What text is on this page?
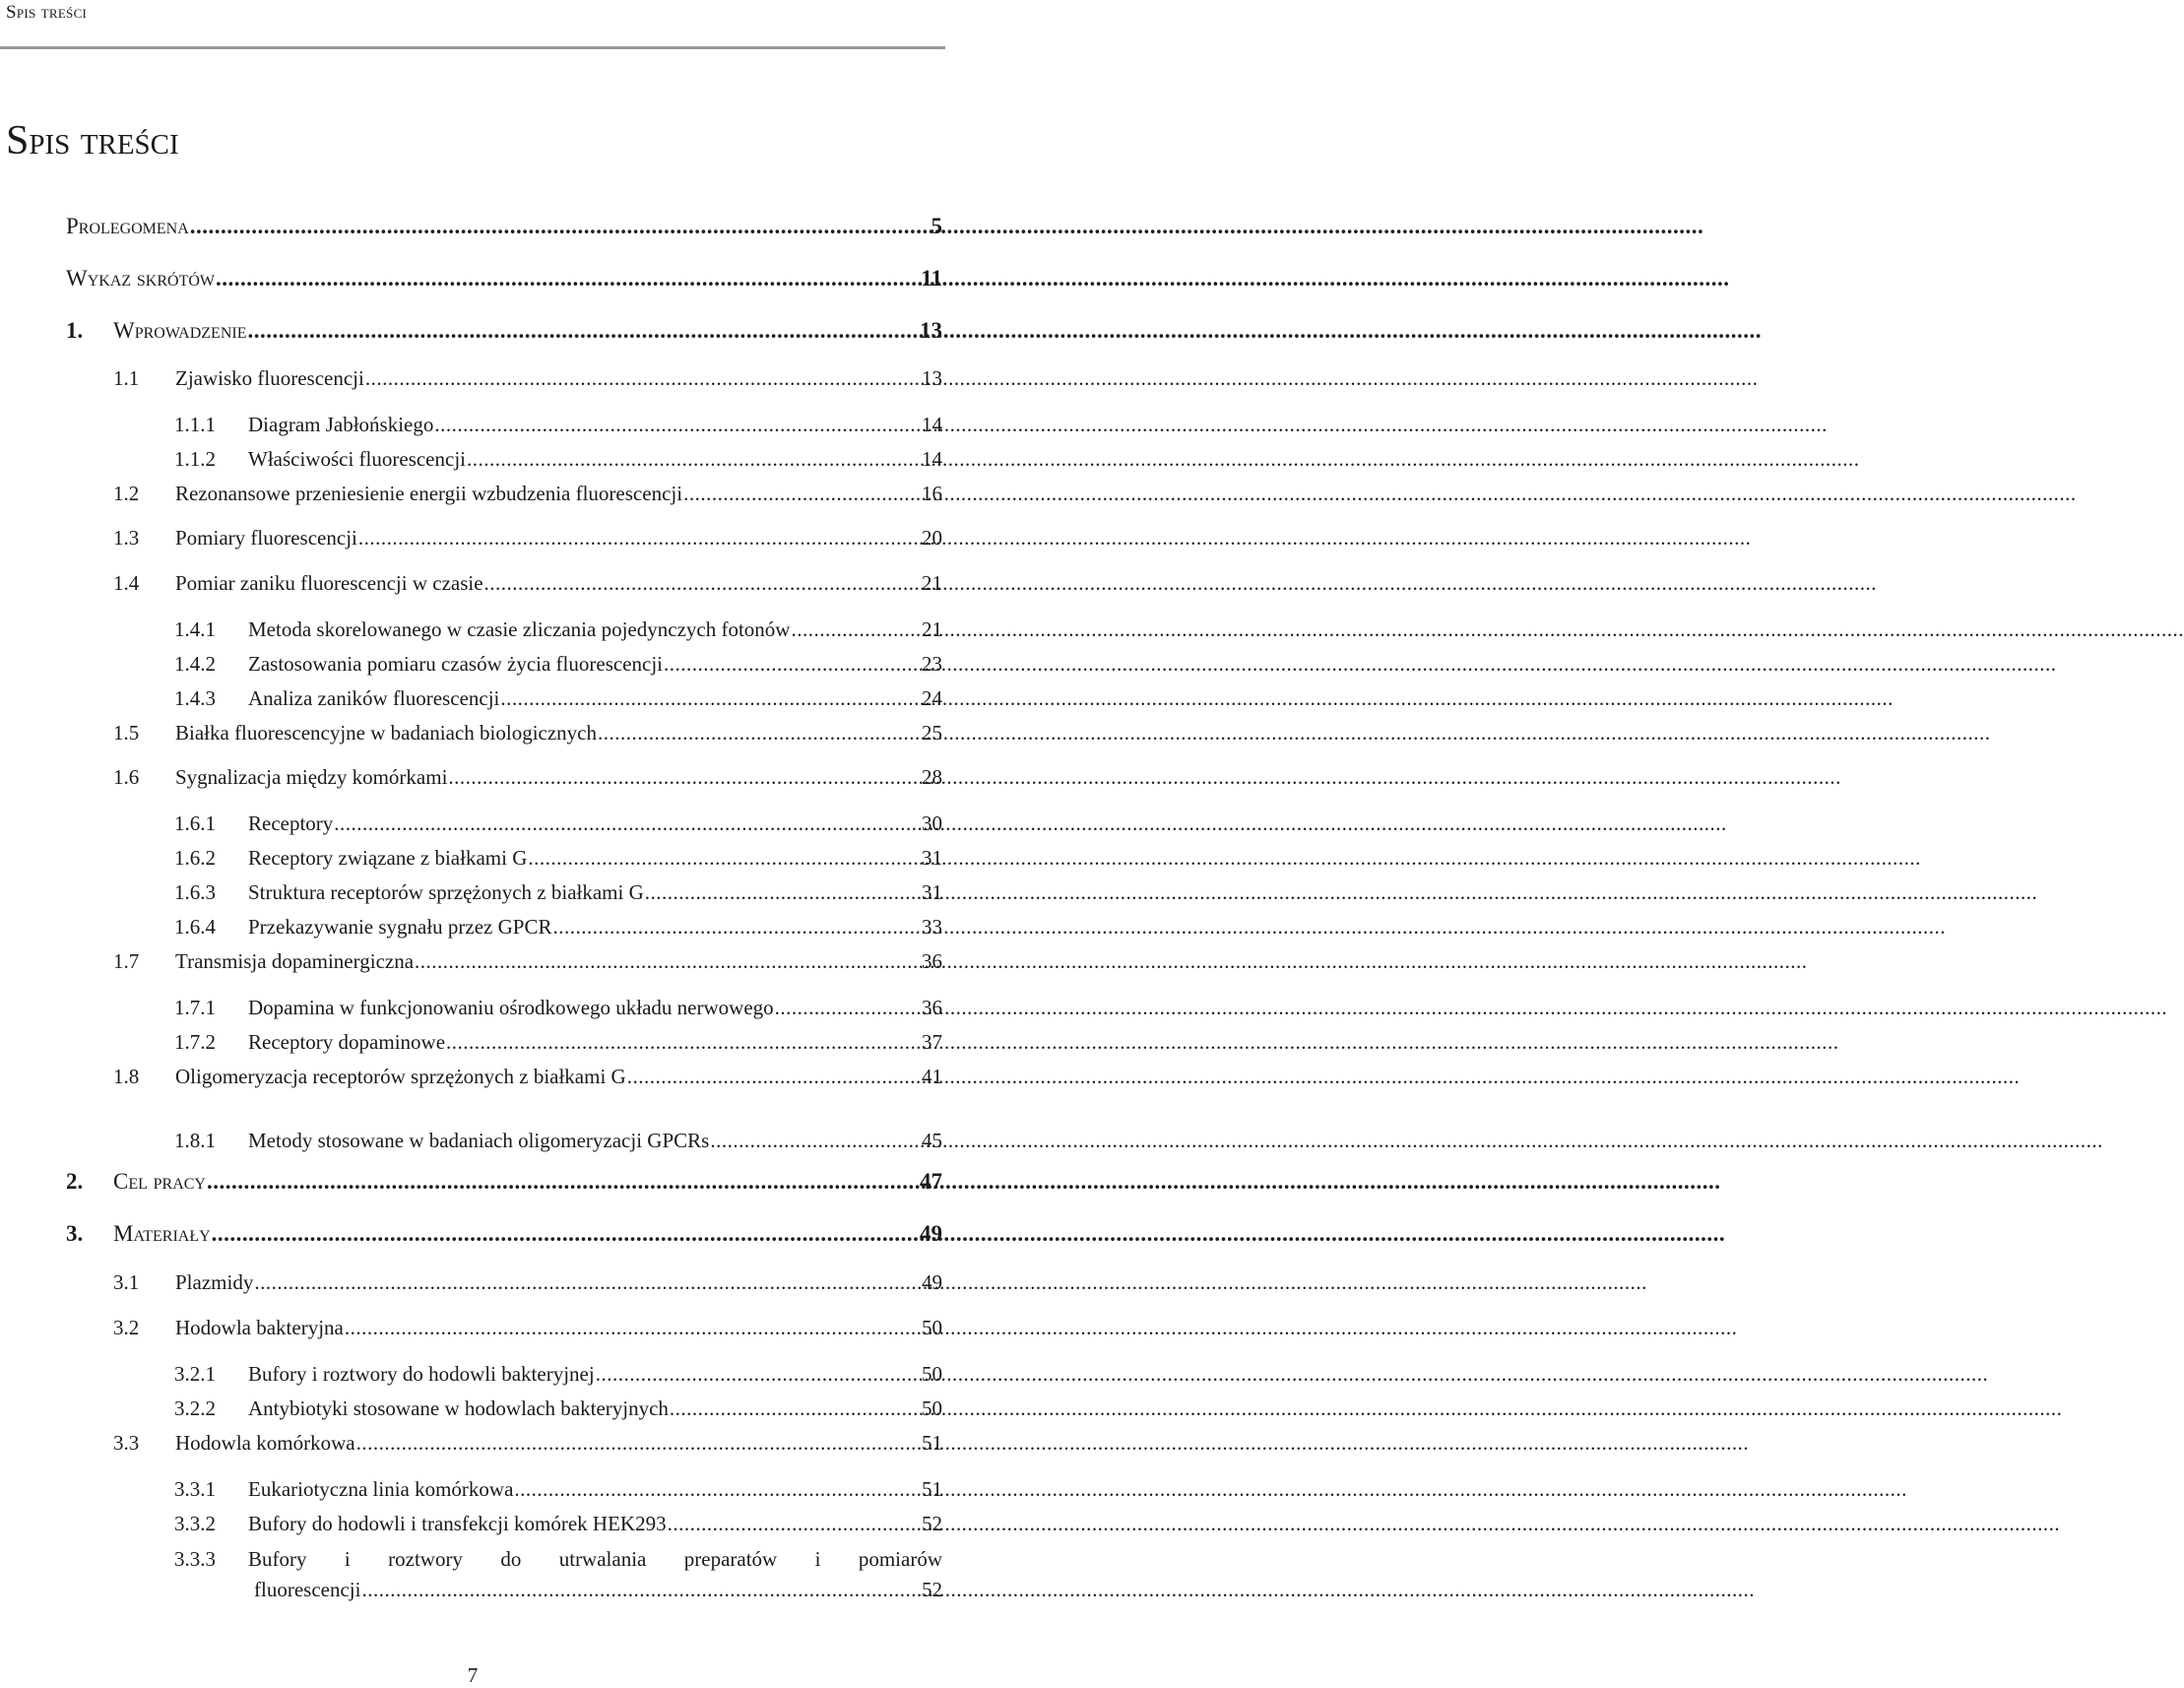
Spis treści
Spis treści
Prolegomena .....	5
Wykaz skrótów .....	11
1.	Wprowadzenie .....	13
1.1	Zjawisko fluorescencji .....	13
1.1.1	Diagram Jabłońskiego .....	14
1.1.2	Właściwości fluorescencji .....	14
1.2	Rezonansowe przeniesienie energii wzbudzenia fluorescencji .....	16
1.3	Pomiary fluorescencji .....	20
1.4	Pomiar zaniku fluorescencji w czasie .....	21
1.4.1	Metoda skorelowanego w czasie zliczania pojedynczych fotonów .....	21
1.4.2	Zastosowania pomiaru czasów życia fluorescencji .....	23
1.4.3	Analiza zaników fluorescencji .....	24
1.5	Białka fluorescencyjne w badaniach biologicznych .....	25
1.6	Sygnalizacja między komórkami .....	28
1.6.1	Receptory .....	30
1.6.2	Receptory związane z białkami G .....	31
1.6.3	Struktura receptorów sprzężonych z białkami G .....	31
1.6.4	Przekazywanie sygnału przez GPCR .....	33
1.7	Transmisja dopaminergiczna .....	36
1.7.1	Dopamina w funkcjonowaniu ośrodkowego układu nerwowego .....	36
1.7.2	Receptory dopaminowe .....	37
1.8	Oligomeryzacja receptorów sprzężonych z białkami G .....	41
1.8.1	Metody stosowane w badaniach oligomeryzacji GPCRs .....	45
2.	Cel pracy .....	47
3.	Materiały .....	49
3.1	Plazmidy .....	49
3.2	Hodowla bakteryjna .....	50
3.2.1	Bufory i roztwory do hodowli bakteryjnej .....	50
3.2.2	Antybiotyki stosowane w hodowlach bakteryjnych .....	50
3.3	Hodowla komórkowa .....	51
3.3.1	Eukariotyczna linia komórkowa .....	51
3.3.2	Bufory do hodowli i transfekcji komórek HEK293 .....	52
3.3.3	Bufory i roztwory do utrwalania preparatów i pomiarów
fluorescencji .....	52
7
